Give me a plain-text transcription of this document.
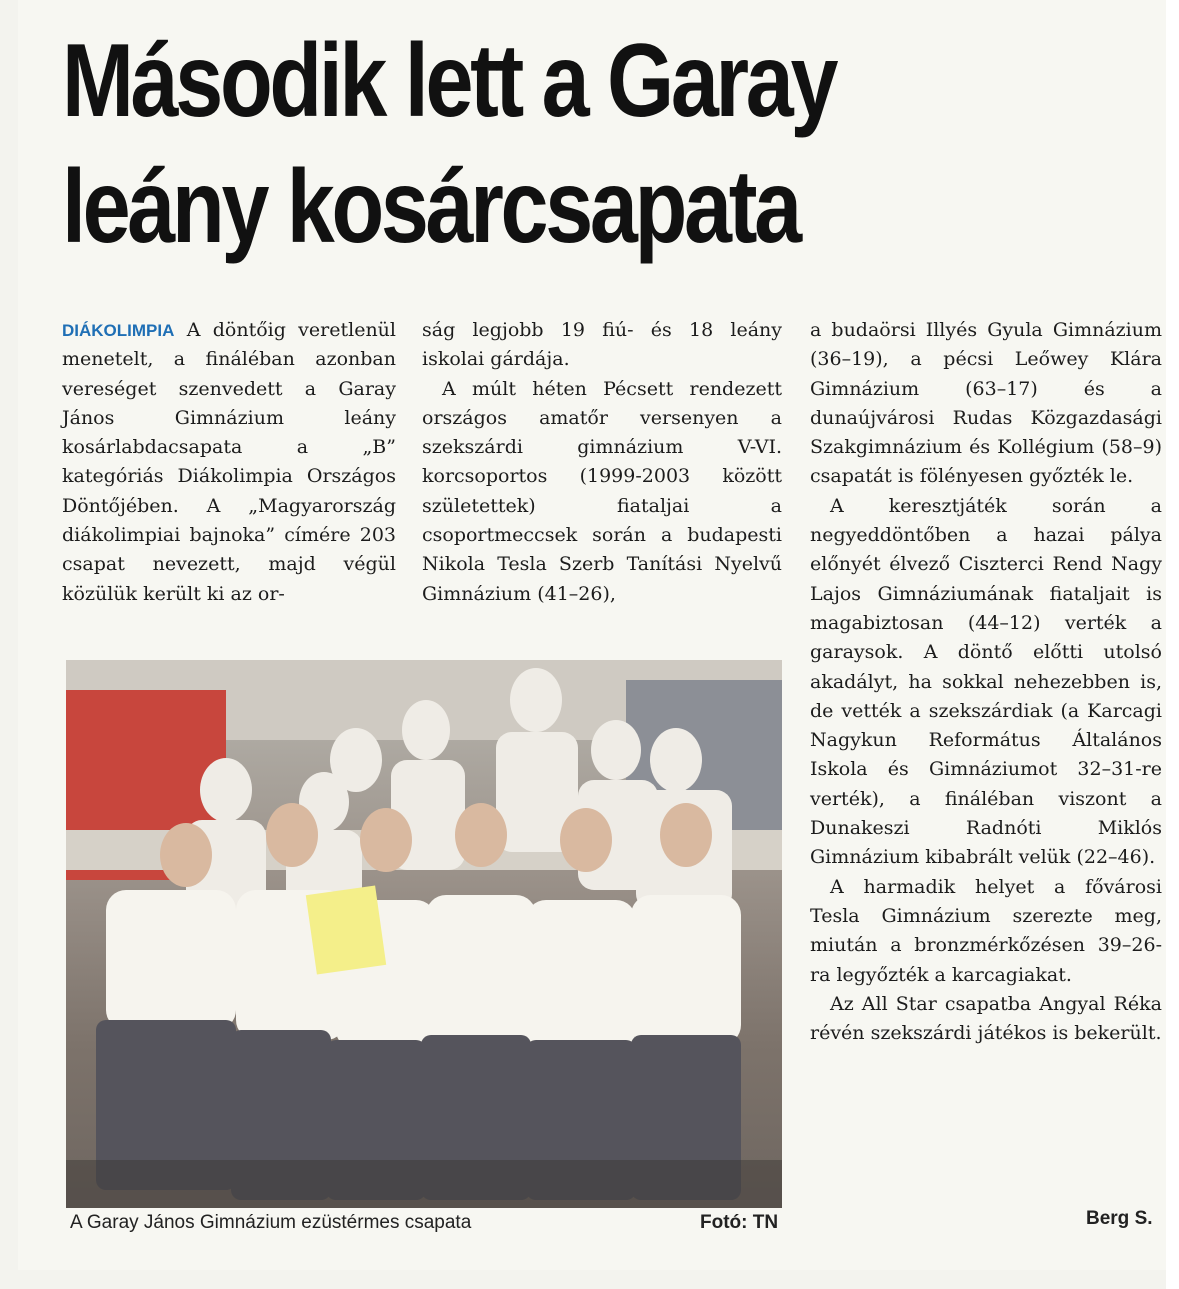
Második lett a Garay
leány kosárcsapata

DIÁKOLIMPIA A döntőig veretlenül menetelt, a fináléban azonban vereséget szenvedett a Garay János Gimnázium leány kosárlabdacsapata a „B” kategóriás Diákolimpia Országos Döntőjében. A „Magyarország diákolimpiai bajnoka” címére 203 csapat nevezett, majd végül közülük került ki az or-

ság legjobb 19 fiú- és 18 leány iskolai gárdája.

A múlt héten Pécsett rendezett országos amatőr versenyen a szekszárdi gimnázium V-VI. korcsoportos (1999-2003 között születettek) fiataljai a csoportmeccsek során a budapesti Nikola Tesla Szerb Tanítási Nyelvű Gimnázium (41–26),

a budaörsi Illyés Gyula Gimnázium (36–19), a pécsi Leőwey Klára Gimnázium (63–17) és a dunaújvárosi Rudas Közgazdasági Szakgimnázium és Kollégium (58–9) csapatát is fölényesen győzték le.

A keresztjáték során a negyeddöntőben a hazai pálya előnyét élvező Ciszterci Rend Nagy Lajos Gimnáziumának fiataljait is magabiztosan (44–12) verték a garaysok. A döntő előtti utolsó akadályt, ha sokkal nehezebben is, de vették a szekszárdiak (a Karcagi Nagykun Református Általános Iskola és Gimnáziumot 32–31-re verték), a fináléban viszont a Dunakeszi Radnóti Miklós Gimnázium kibabrált velük (22–46).

A harmadik helyet a fővárosi Tesla Gimnázium szerezte meg, miután a bronzmérkőzésen 39–26-ra legyőzték a karcagiakat.

Az All Star csapatba Angyal Réka révén szekszárdi játékos is bekerült.

A Garay János Gimnázium ezüstérmes csapata	Fotó: TN	Berg S.
